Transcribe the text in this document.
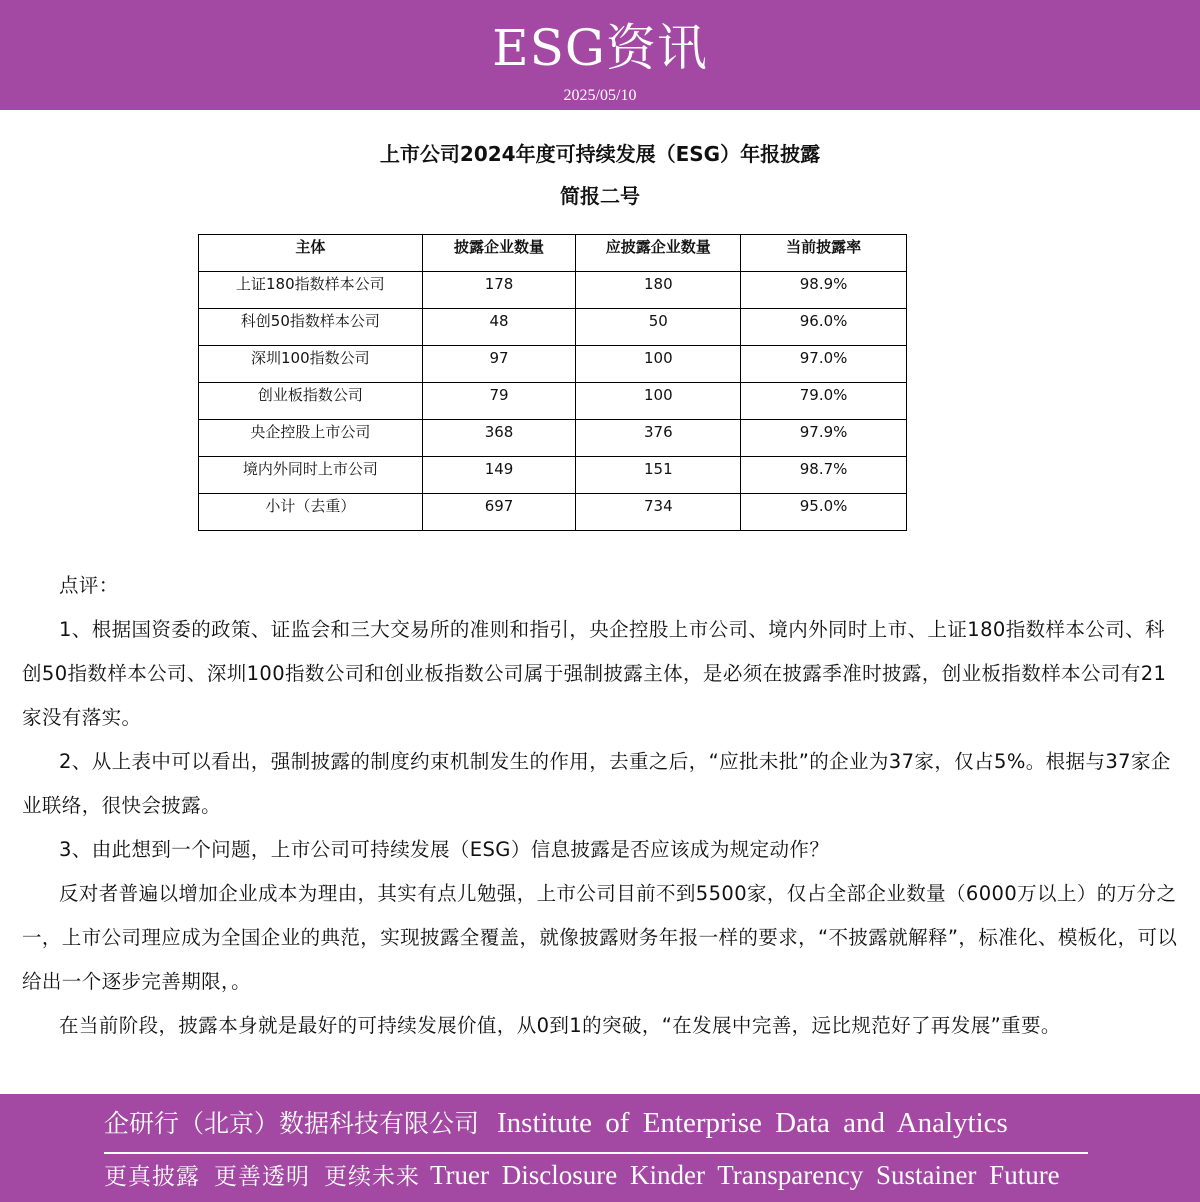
ESG资讯
2025/05/10
上市公司2024年度可持续发展（ESG）年报披露
简报二号
主体	披露企业数量	应披露企业数量	当前披露率
上证180指数样本公司	178	180	98.9%
科创50指数样本公司	48	50	96.0%
深圳100指数公司	97	100	97.0%
创业板指数公司	79	100	79.0%
央企控股上市公司	368	376	97.9%
境内外同时上市公司	149	151	98.7%
小计（去重）	697	734	95.0%

点评：

1、根据国资委的政策、证监会和三大交易所的准则和指引，央企控股上市公司、境内外同时上市、上证180指数样本公司、科创50指数样本公司、深圳100指数公司和创业板指数公司属于强制披露主体，是必须在披露季准时披露，创业板指数样本公司有21家没有落实。

2、从上表中可以看出，强制披露的制度约束机制发生的作用，去重之后，“应批未批”的企业为37家，仅占5%。根据与37家企业联络，很快会披露。

3、由此想到一个问题，上市公司可持续发展（ESG）信息披露是否应该成为规定动作？

反对者普遍以增加企业成本为理由，其实有点儿勉强，上市公司目前不到5500家，仅占全部企业数量（6000万以上）的万分之一，上市公司理应成为全国企业的典范，实现披露全覆盖，就像披露财务年报一样的要求，“不披露就解释”，标准化、模板化，可以给出一个逐步完善期限，。

在当前阶段，披露本身就是最好的可持续发展价值，从0到1的突破，“在发展中完善，远比规范好了再发展”重要。

企研行（北京）数据科技有限公司 Institute of Enterprise Data and Analytics
更真披露 更善透明 更续未来 Truer Disclosure Kinder Transparency Sustainer Future
